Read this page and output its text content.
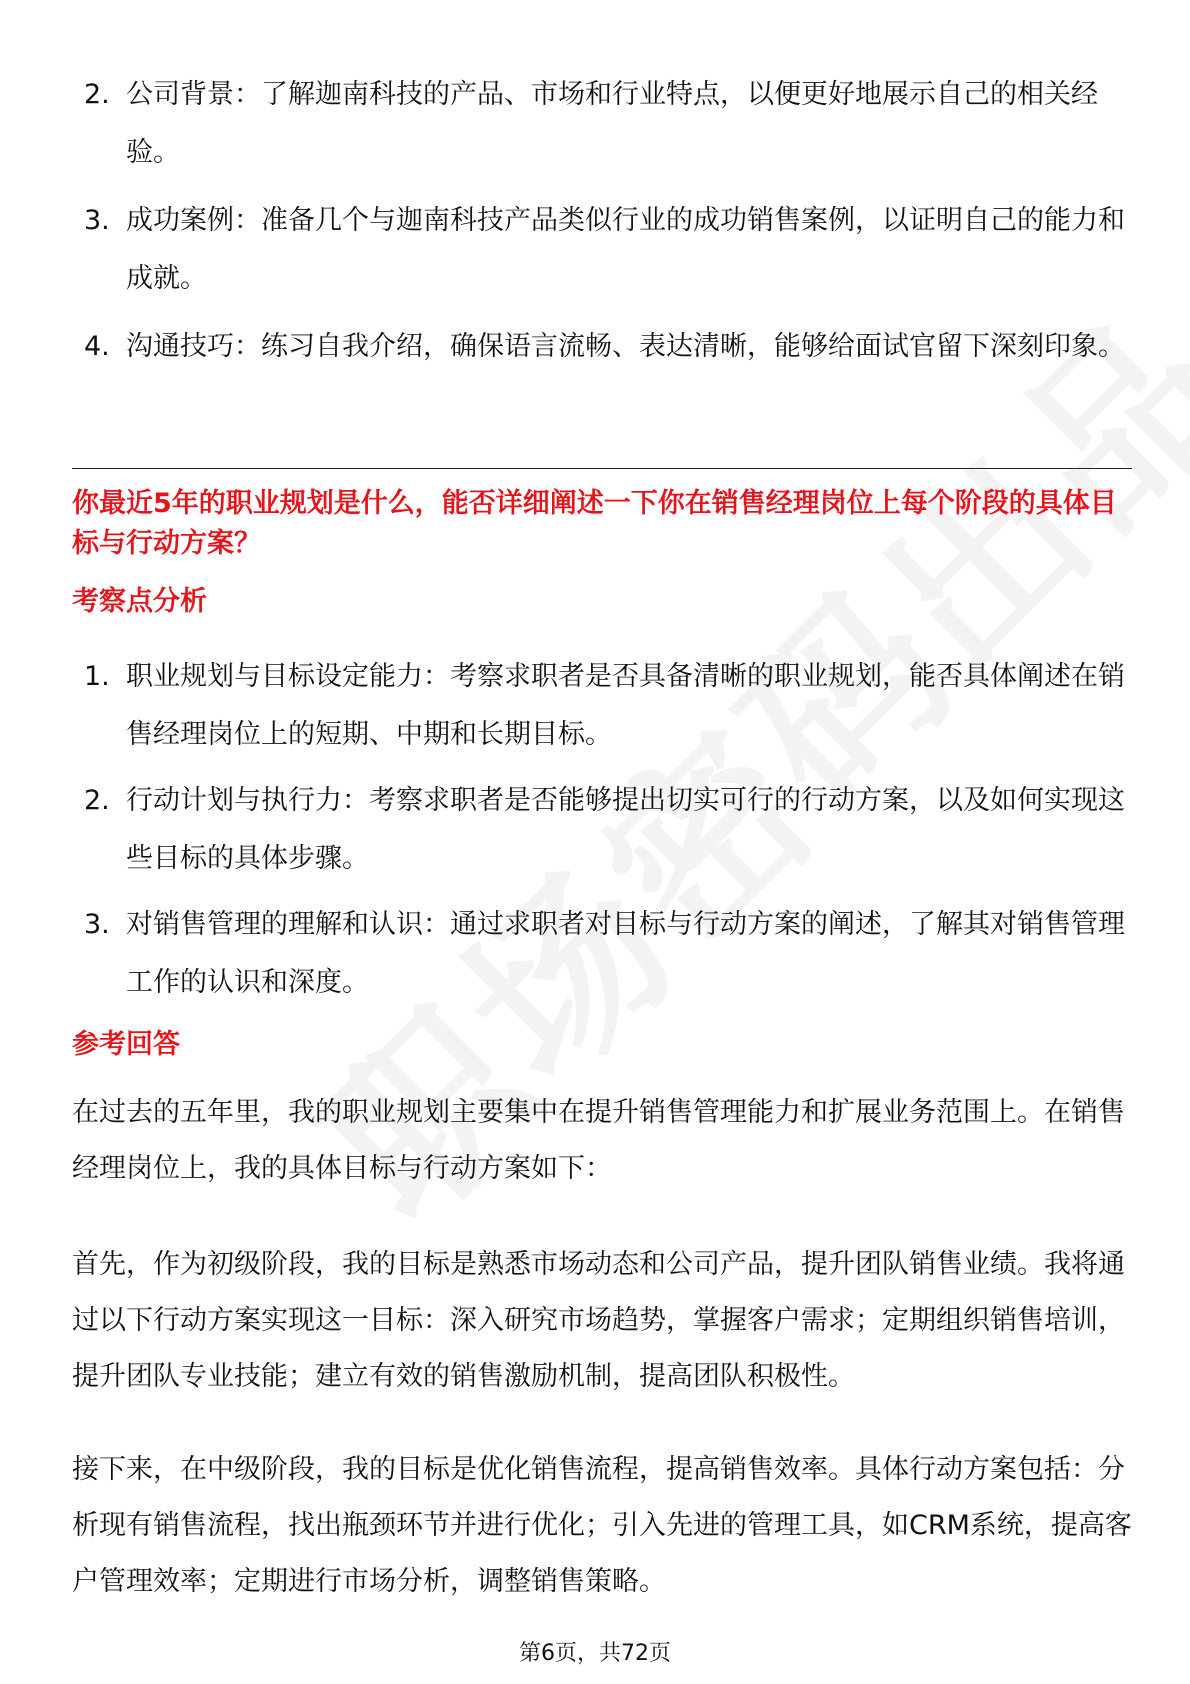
2. 公司背景：了解迦南科技的产品、市场和行业特点，以便更好地展示自己的相关经验。
3. 成功案例：准备几个与迦南科技产品类似行业的成功销售案例，以证明自己的能力和成就。
4. 沟通技巧：练习自我介绍，确保语言流畅、表达清晰，能够给面试官留下深刻印象。
你最近5年的职业规划是什么，能否详细阐述一下你在销售经理岗位上每个阶段的具体目标与行动方案？
考察点分析
1. 职业规划与目标设定能力：考察求职者是否具备清晰的职业规划，能否具体阐述在销售经理岗位上的短期、中期和长期目标。
2. 行动计划与执行力：考察求职者是否能够提出切实可行的行动方案，以及如何实现这些目标的具体步骤。
3. 对销售管理的理解和认识：通过求职者对目标与行动方案的阐述，了解其对销售管理工作的认识和深度。
参考回答

在过去的五年里，我的职业规划主要集中在提升销售管理能力和扩展业务范围上。在销售经理岗位上，我的具体目标与行动方案如下：

首先，作为初级阶段，我的目标是熟悉市场动态和公司产品，提升团队销售业绩。我将通过以下行动方案实现这一目标：深入研究市场趋势，掌握客户需求；定期组织销售培训，提升团队专业技能；建立有效的销售激励机制，提高团队积极性。

接下来，在中级阶段，我的目标是优化销售流程，提高销售效率。具体行动方案包括：分析现有销售流程，找出瓶颈环节并进行优化；引入先进的管理工具，如CRM系统，提高客户管理效率；定期进行市场分析，调整销售策略。

第6页，共72页
